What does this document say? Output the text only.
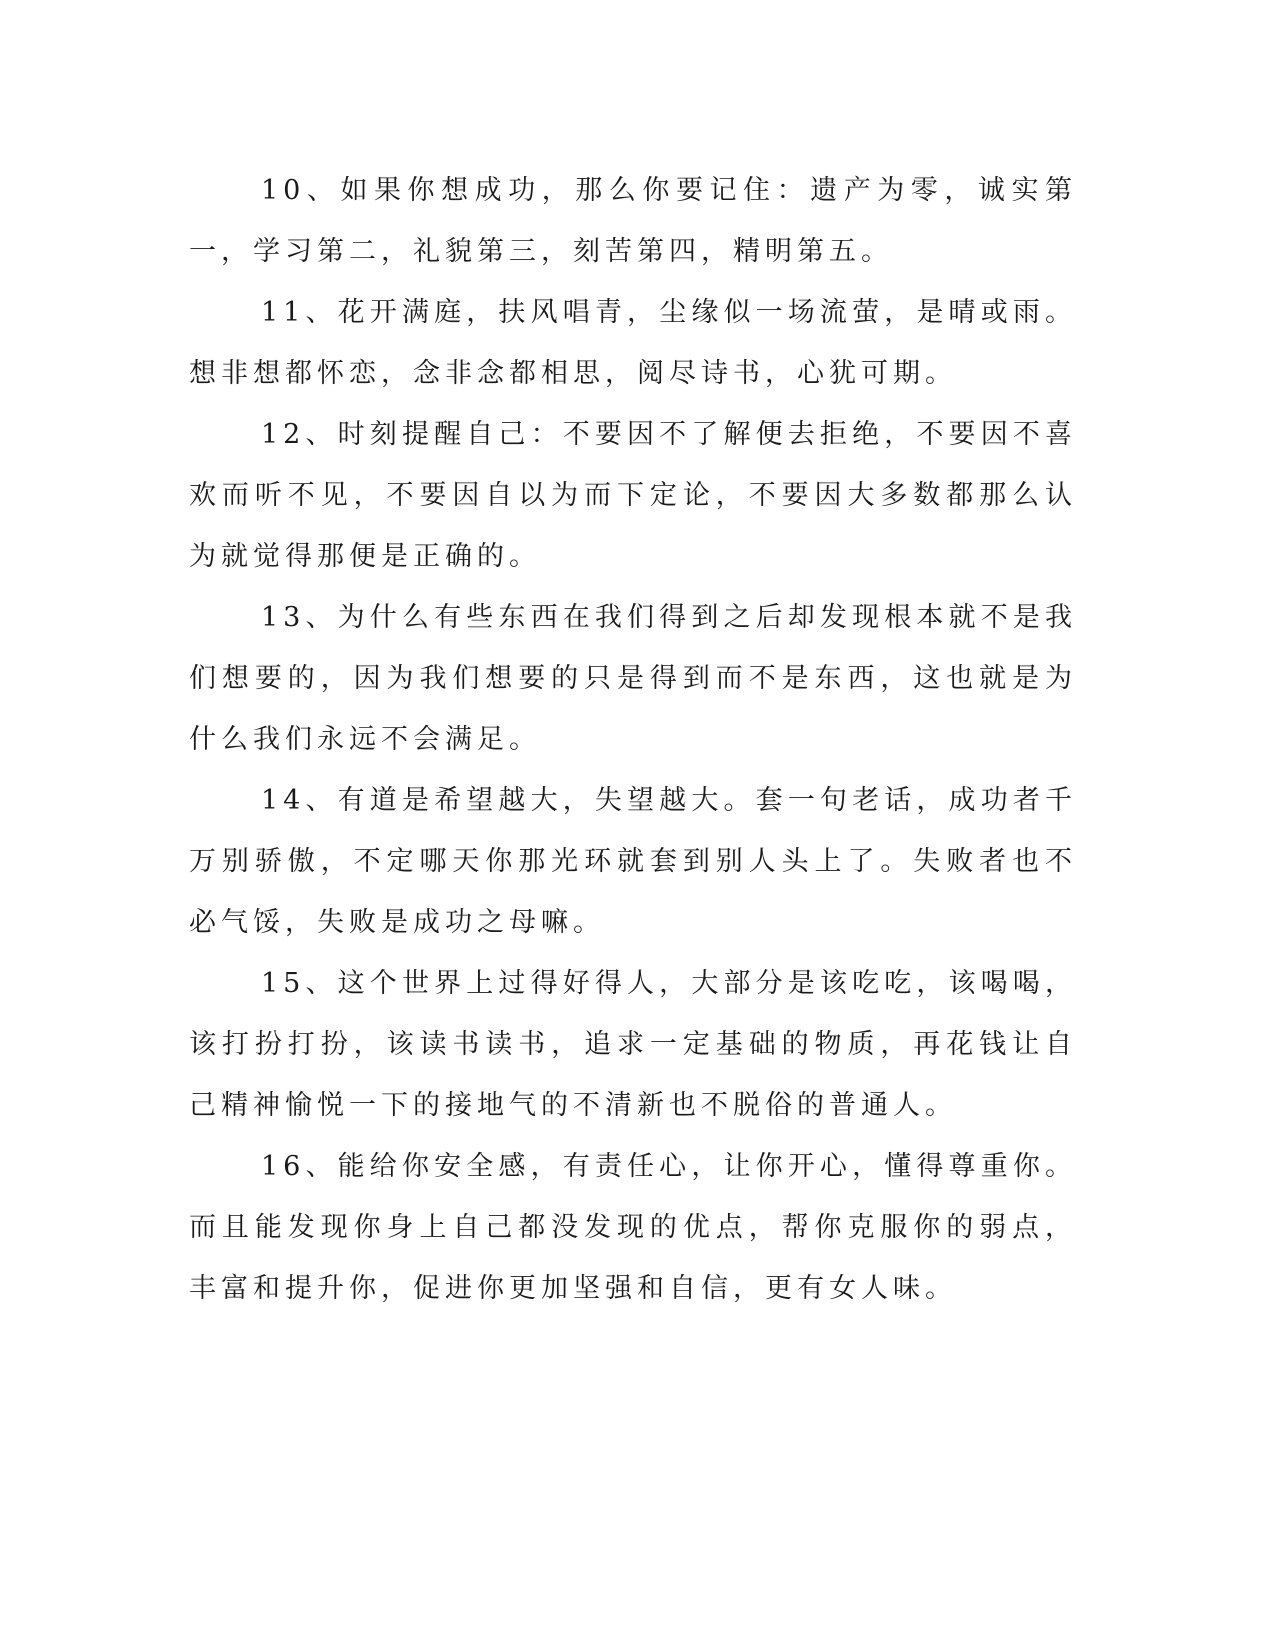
10、如果你想成功，那么你要记住：遗产为零，诚实第一，学习第二，礼貌第三，刻苦第四，精明第五。

11、花开满庭，扶风唱青，尘缘似一场流萤，是晴或雨。想非想都怀恋，念非念都相思，阅尽诗书，心犹可期。

12、时刻提醒自己：不要因不了解便去拒绝，不要因不喜欢而听不见，不要因自以为而下定论，不要因大多数都那么认为就觉得那便是正确的。

13、为什么有些东西在我们得到之后却发现根本就不是我们想要的，因为我们想要的只是得到而不是东西，这也就是为什么我们永远不会满足。

14、有道是希望越大，失望越大。套一句老话，成功者千万别骄傲，不定哪天你那光环就套到别人头上了。失败者也不必气馁，失败是成功之母嘛。

15、这个世界上过得好得人，大部分是该吃吃，该喝喝，该打扮打扮，该读书读书，追求一定基础的物质，再花钱让自己精神愉悦一下的接地气的不清新也不脱俗的普通人。

16、能给你安全感，有责任心，让你开心，懂得尊重你。而且能发现你身上自己都没发现的优点，帮你克服你的弱点，丰富和提升你，促进你更加坚强和自信，更有女人味。
